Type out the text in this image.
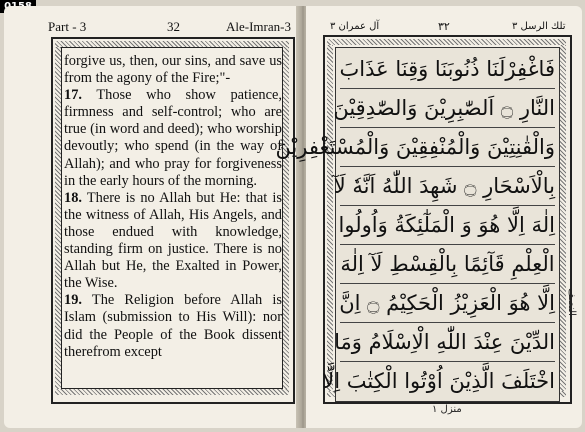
Part - 3	32	Ale-Imran-3

forgive us, then, our sins, and save us from the agony of the Fire;"-

17. Those who show patience, firmness and self-control; who are true (in word and deed); who worship devoutly; who spend (in the way of Allah); and who pray for forgiveness in the early hours of the morning.

18. There is no Allah but He: that is the witness of Allah, His Angels, and those endued with knowledge, standing firm on justice. There is no Allah but He, the Exalted in Power, the Wise.

19. The Religion before Allah is Islam (submission to His Will): nor did the People of the Book dissent therefrom except

تلك الرسل ٣
٣٢
آل عمران ٣
فَاغْفِرْلَنَا ذُنُوبَنَا وَقِنَا عَذَابَ
النَّارِ ۝ اَلصّٰبِرِيْنَ وَالصّٰدِقِيْنَ
وَالْقٰنِتِيْنَ وَالْمُنْفِقِيْنَ وَالْمُسْتَغْفِرِيْنَ
بِالْاَسْحَارِ ۝ شَهِدَ اللّٰهُ اَنَّهٗ لَآ
اِلٰهَ اِلَّا هُوَ وَ الْمَلٰٓئِكَةُ وَاُولُوا
الْعِلْمِ قَآئِمًا بِالْقِسْطِ لَآ اِلٰهَ
اِلَّا هُوَ الْعَزِيْزُ الْحَكِيْمُ ۝ اِنَّ
الدِّيْنَ عِنْدَ اللّٰهِ الْاِسْلَامُ وَمَا
اخْتَلَفَ الَّذِيْنَ اُوْتُوا الْكِتٰبَ اِلَّا
النصف
منزل ١
